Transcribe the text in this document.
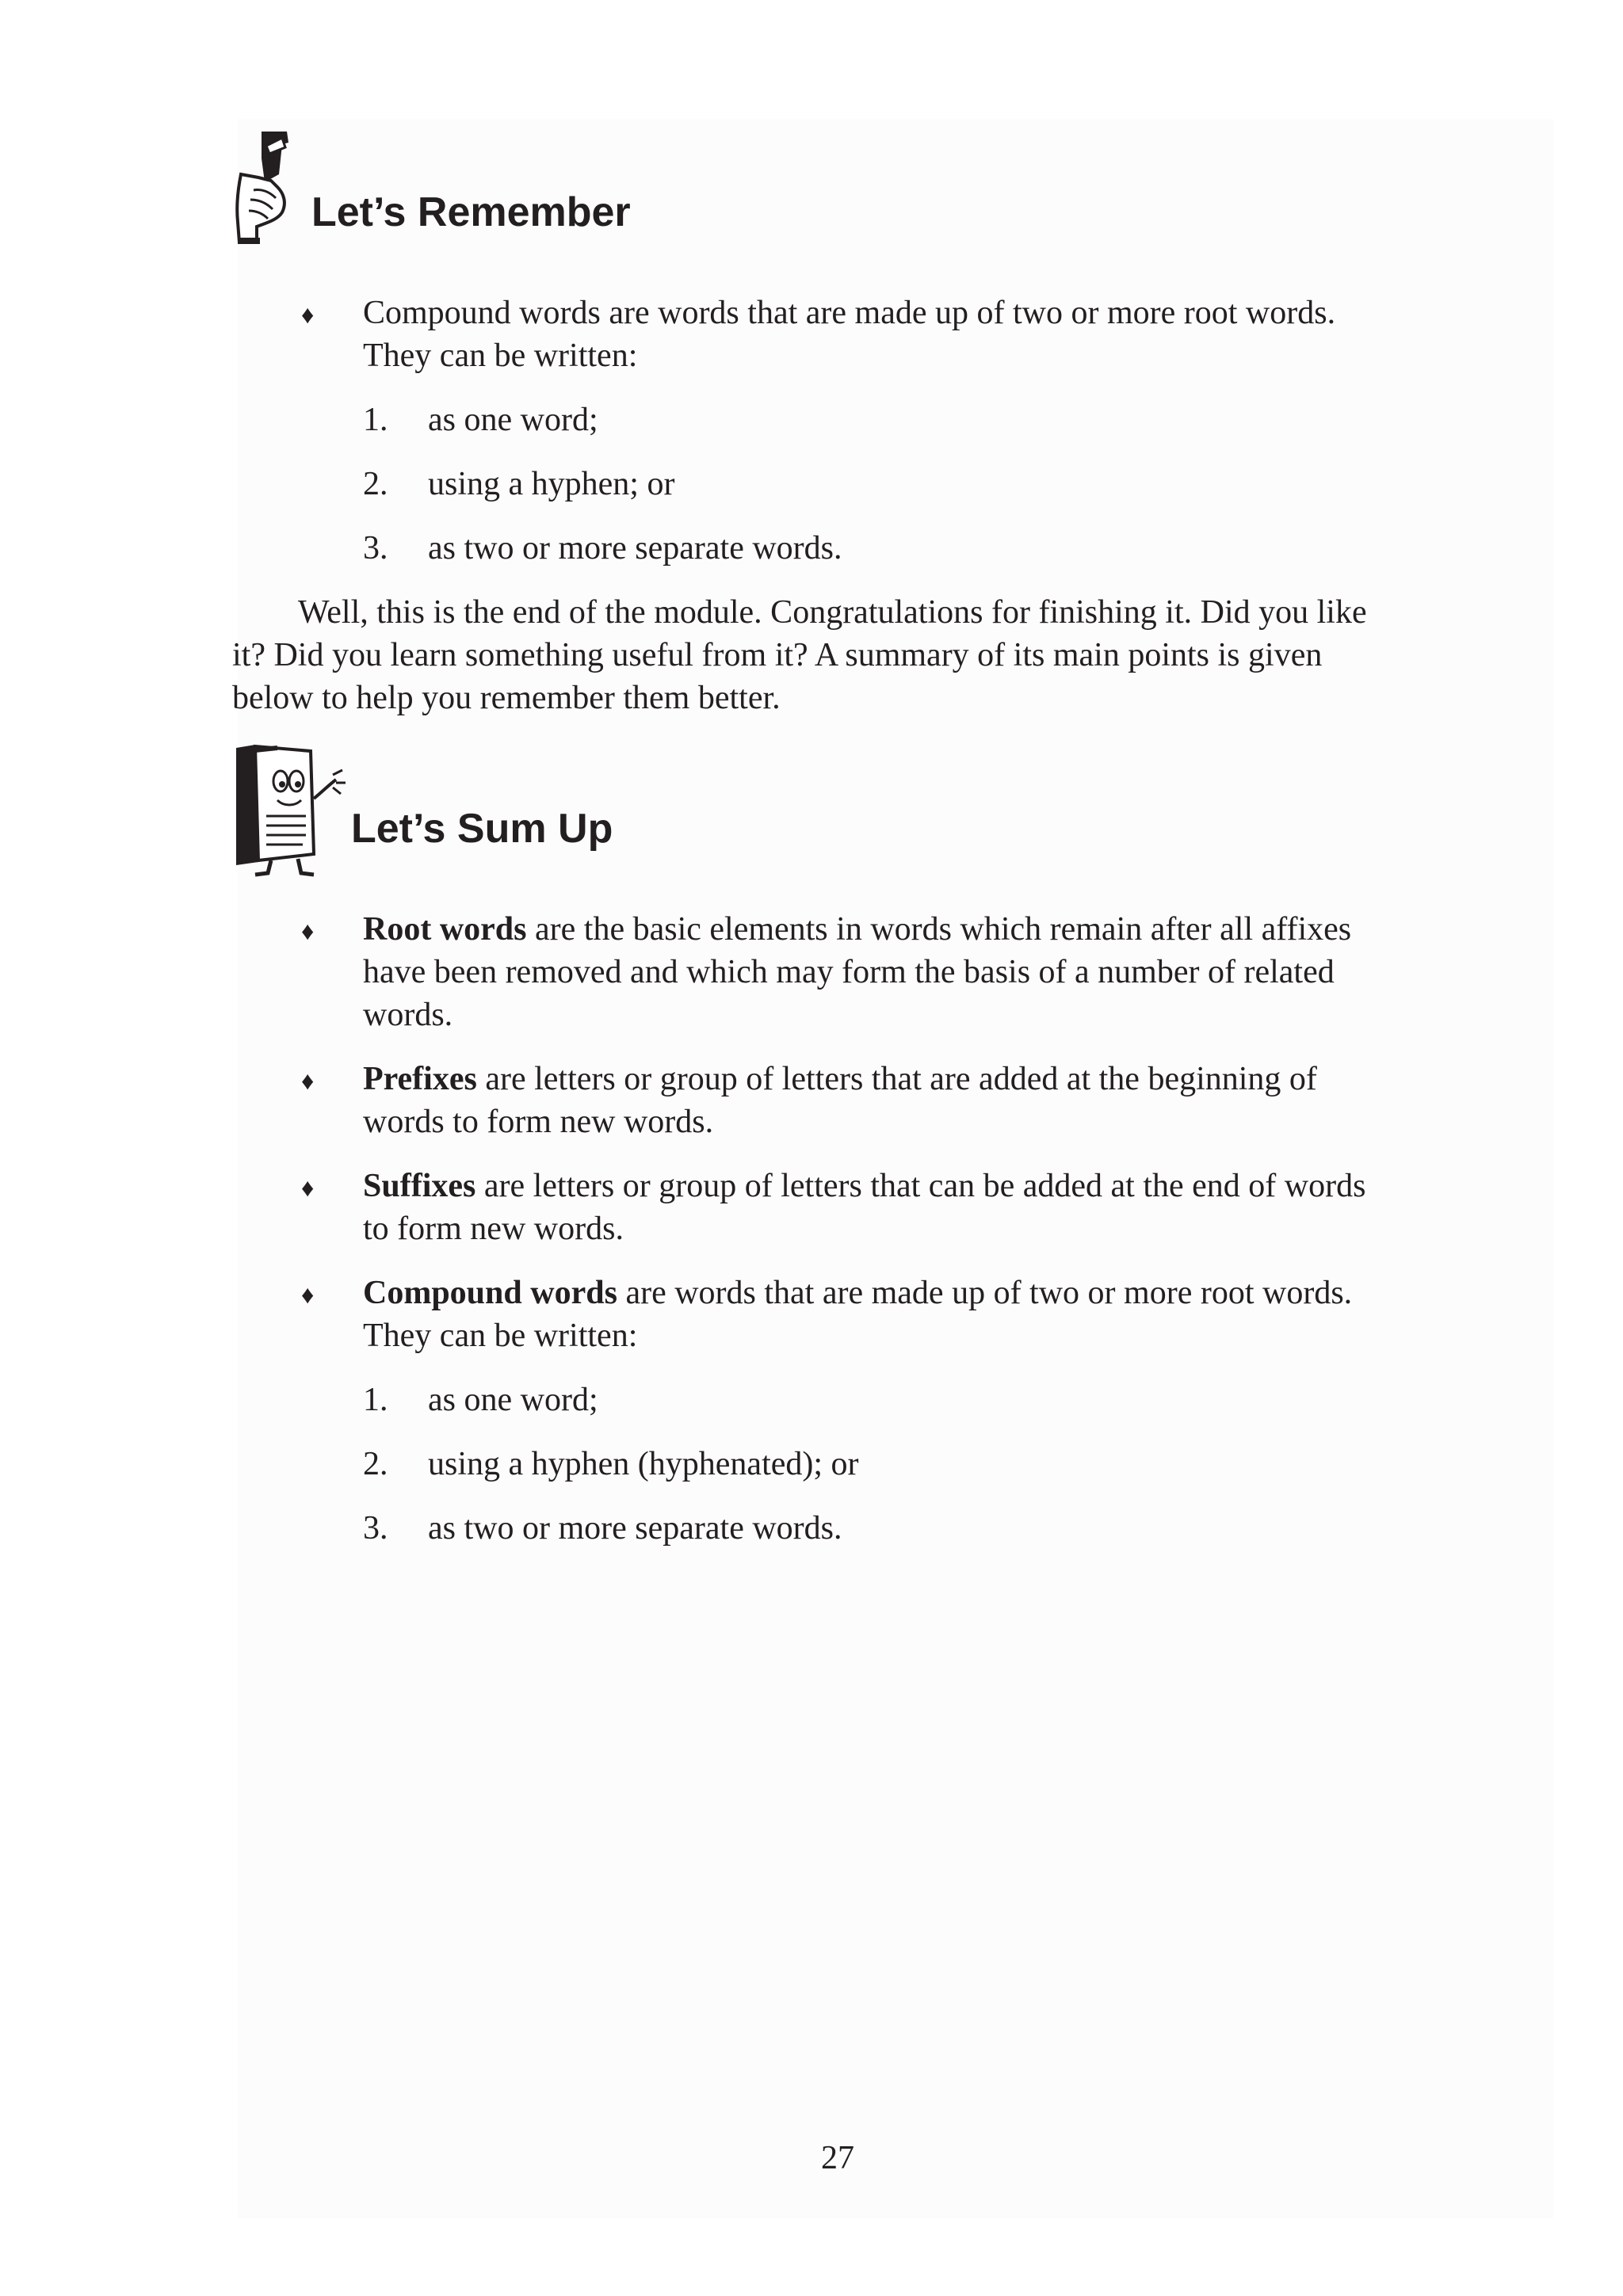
Let’s Remember
♦ Compound words are words that are made up of two or more root words.
They can be written:
1. as one word;
2. using a hyphen; or
3. as two or more separate words.
Well, this is the end of the module. Congratulations for finishing it. Did you like
it? Did you learn something useful from it? A summary of its main points is given
below to help you remember them better.
Let’s Sum Up
♦ Root words are the basic elements in words which remain after all affixes
have been removed and which may form the basis of a number of related
words.
♦ Prefixes are letters or group of letters that are added at the beginning of
words to form new words.
♦ Suffixes are letters or group of letters that can be added at the end of words
to form new words.
♦ Compound words are words that are made up of two or more root words.
They can be written:
1. as one word;
2. using a hyphen (hyphenated); or
3. as two or more separate words.
27
